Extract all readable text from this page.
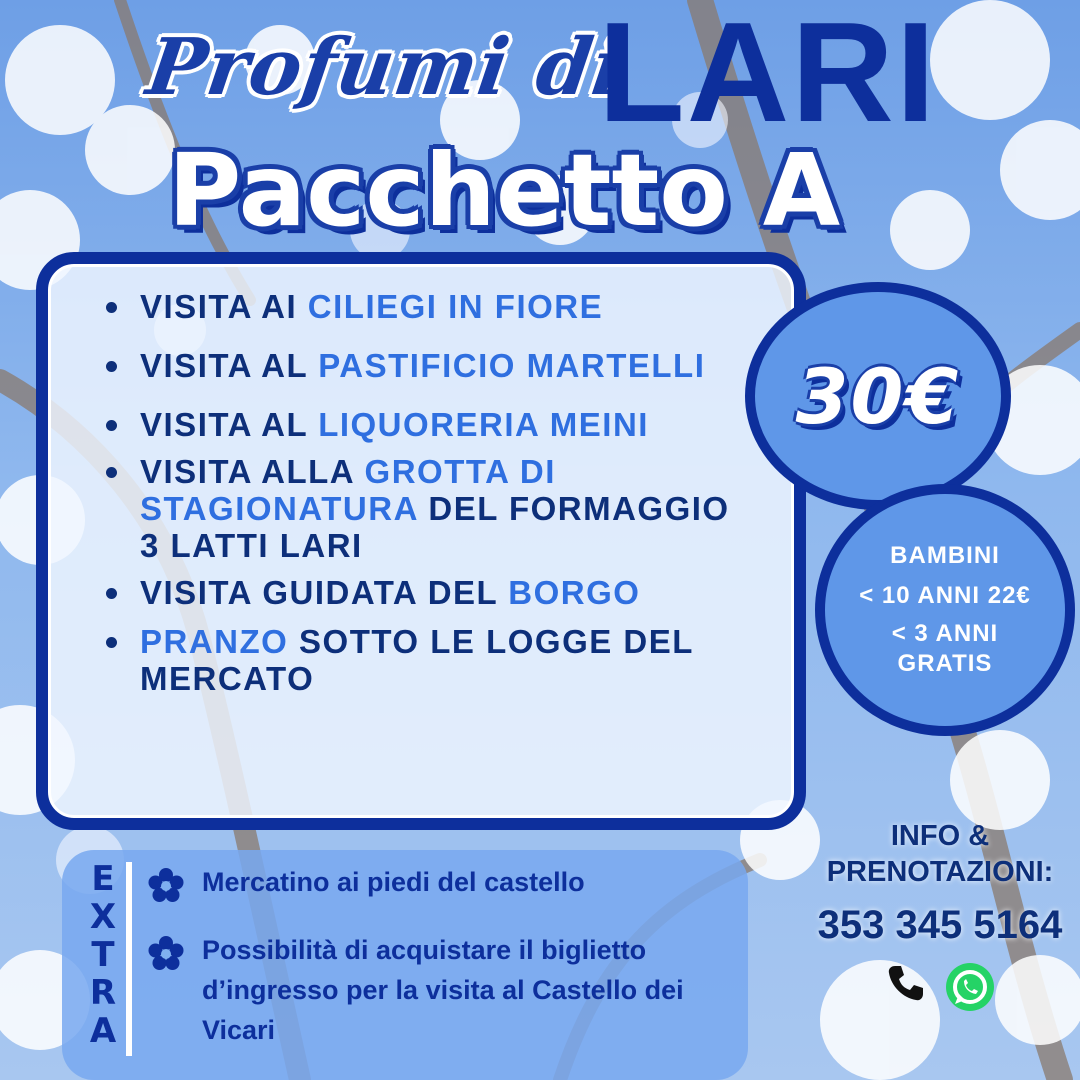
Profumi di
LARI
Pacchetto A
VISITA AI CILIEGI IN FIORE
VISITA AL PASTIFICIO MARTELLI
VISITA AL LIQUORERIA MEINI
VISITA ALLA GROTTA DI STAGIONATURA DEL FORMAGGIO 3 LATTI LARI
VISITA GUIDATA DEL BORGO
PRANZO SOTTO LE LOGGE DEL MERCATO
30€
BAMBINI
< 10 ANNI 22€
< 3 ANNI
GRATIS
E
X
T
R
A
Mercatino ai piedi del castello
Possibilità di acquistare il biglietto d’ingresso per la visita al Castello dei Vicari
INFO &
PRENOTAZIONI:
353 345 5164
